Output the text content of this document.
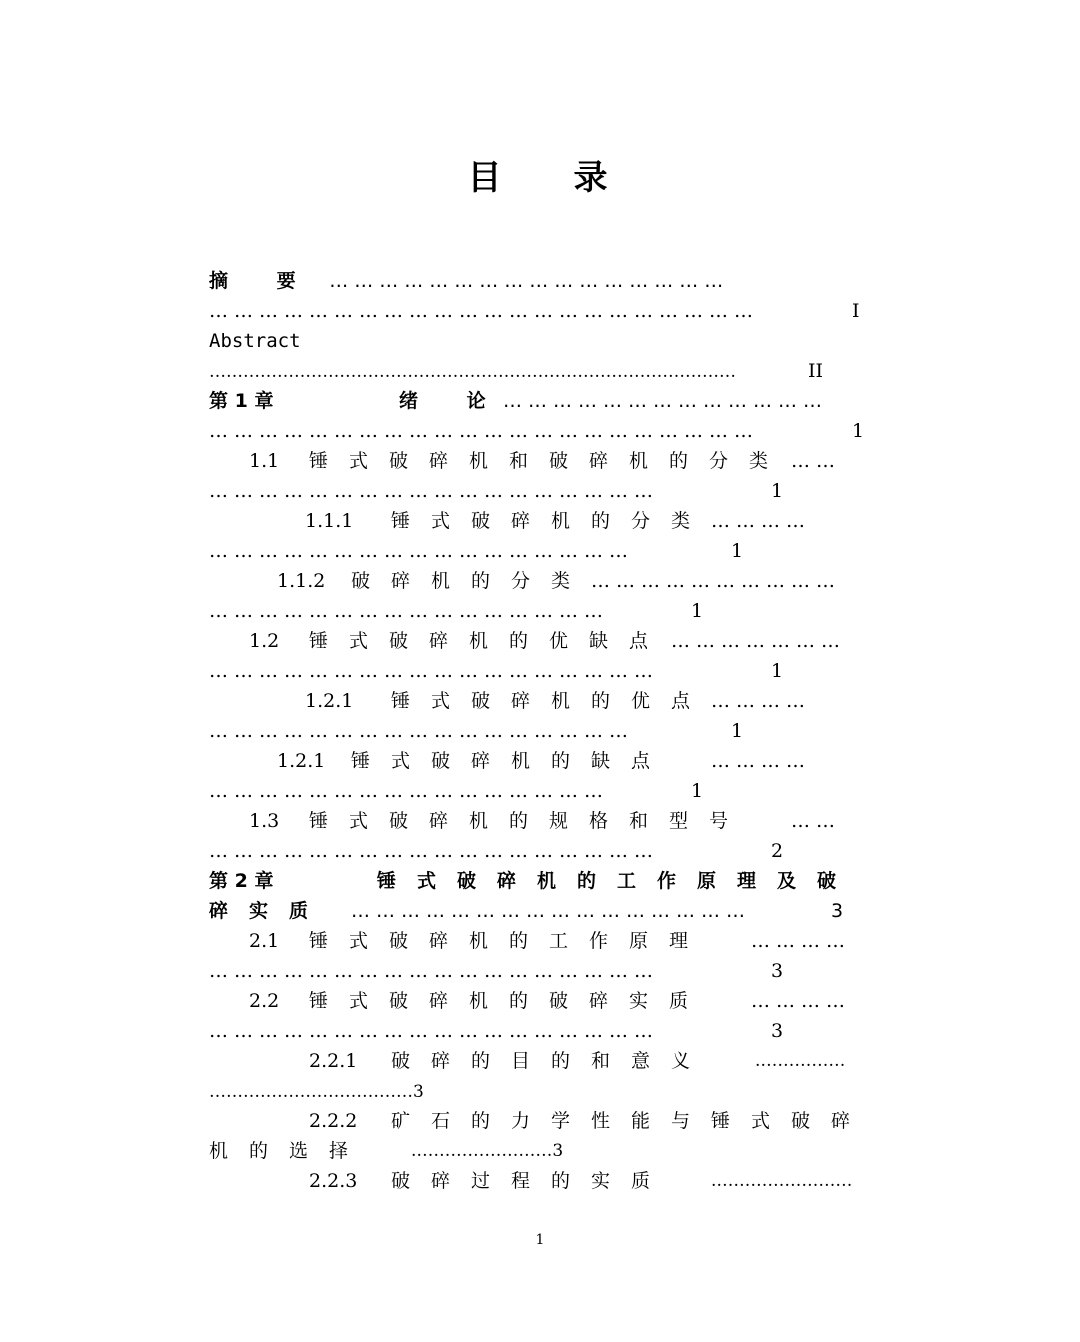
目 录
摘 要 …………………………………………
…………………………………………………………	I
Abstract
…………………………………………………………………………………	II
第 1 章	绪 论
…………………………………
…………………………………………………………	1
1.1 锤式破碎机和破碎机的分类 ……
………………………………………………	1
1.1.1 锤式破碎机的分类 …………
……………………………………………	1
1.1.2 破碎机的分类 …………………………
…………………………………………	1
1.2 锤式破碎机的优缺点 …………………
………………………………………………	1
1.2.1 锤式破碎机的优点 …………
……………………………………………	1
1.2.1 锤式破碎机的缺点 …………
…………………………………………	1
1.3 锤式破碎机的规格和型号 ……
………………………………………………	2
第 2 章	锤式破碎机的工作原理及破
碎实质 …………………………………………	3
2.1 锤式破碎机的工作原理 …………
………………………………………………	3
2.2 锤式破碎机的破碎实质 …………
………………………………………………	3
2.2.1 破碎的目的和意义	.……………
………………………………3
2.2.2 矿石的力学性能与锤式破碎
机的选择 .……………………3
2.2.3 破碎过程的实质 .……………………
1
